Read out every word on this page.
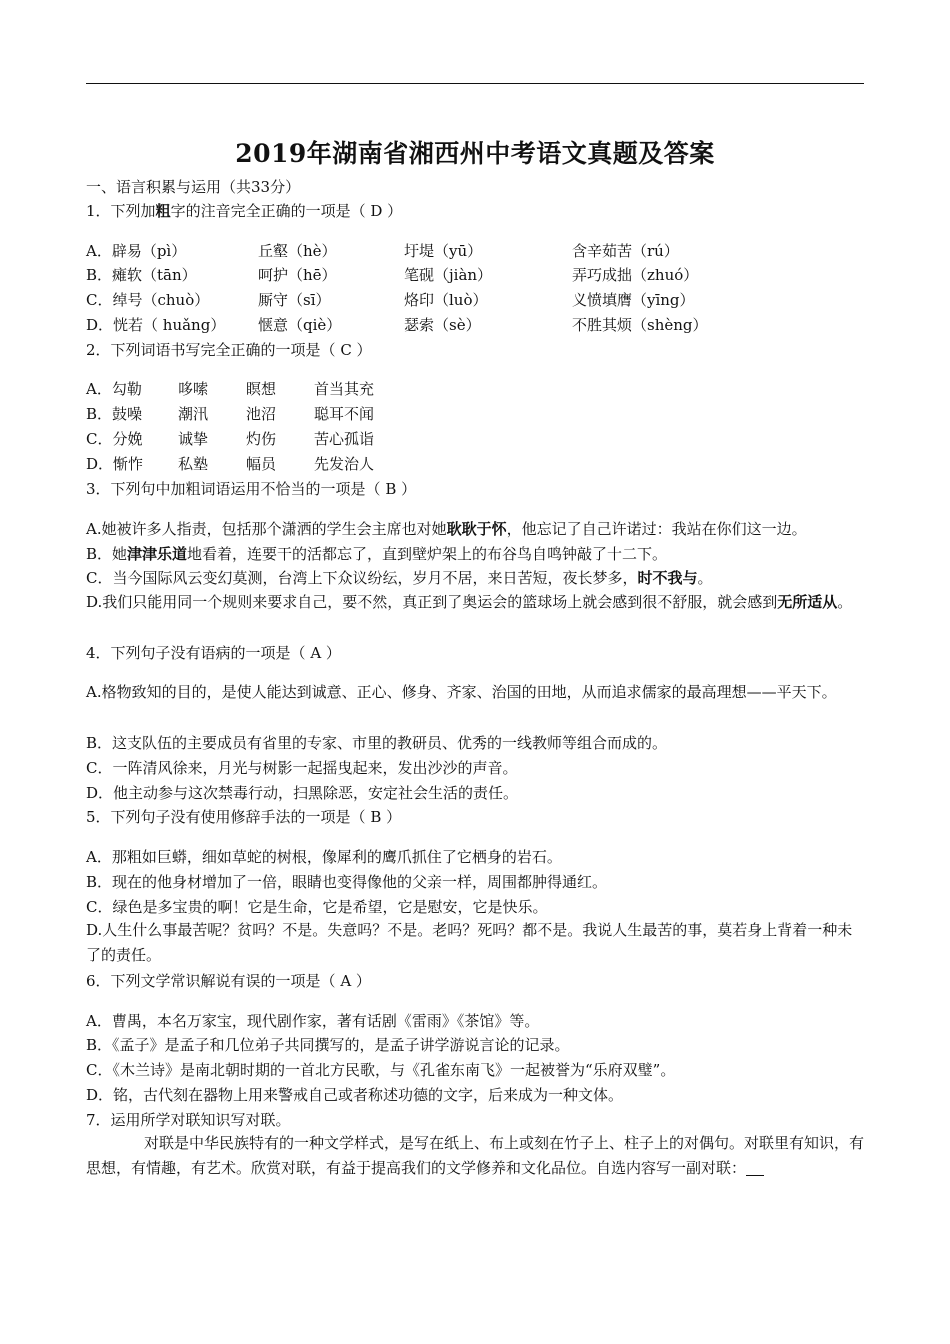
2019年湖南省湘西州中考语文真题及答案
一、语言积累与运用（共33分）
1．下列加粗字的注音完全正确的一项是（ D ）
A．辟易（pì）	丘壑（hè）	圩堤（yū）	含辛茹苦（rú）
B．瘫软（tān）	呵护（hē）	笔砚（jiàn）	弄巧成拙（zhuó）
C．绰号（chuò）	厮守（sī）	烙印（luò）	义愤填膺（yīng）
D．恍若（ huǎng） 惬意（qiè）	瑟索（sè）	不胜其烦（shèng）
2．下列词语书写完全正确的一项是（ C ）
A．勾勒 哆嗦	瞑想	首当其充
B．鼓噪 潮汛	池沼	聪耳不闻
C．分娩 诚挚	灼伤	苦心孤诣
D．惭怍 私塾	幅员	先发治人
3．下列句中加粗词语运用不恰当的一项是（ B ）
A.她被许多人指责，包括那个潇洒的学生会主席也对她耿耿于怀，他忘记了自己许诺过：我站在你们这一边。
B．她津津乐道地看着，连要干的活都忘了，直到壁炉架上的布谷鸟自鸣钟敲了十二下。
C．当今国际风云变幻莫测，台湾上下众议纷纭，岁月不居，来日苦短，夜长梦多，时不我与。
D.我们只能用同一个规则来要求自己，要不然，真正到了奥运会的篮球场上就会感到很不舒服，就会感到无所适从。
4．下列句子没有语病的一项是（ A ）
A.格物致知的目的，是使人能达到诚意、正心、修身、齐家、治国的田地，从而追求儒家的最高理想——平天下。
B．这支队伍的主要成员有省里的专家、市里的教研员、优秀的一线教师等组合而成的。
C．一阵清风徐来，月光与树影一起摇曳起来，发出沙沙的声音。
D．他主动参与这次禁毒行动，扫黑除恶，安定社会生活的责任。
5．下列句子没有使用修辞手法的一项是（ B ）
A．那粗如巨蟒，细如草蛇的树根，像犀利的鹰爪抓住了它栖身的岩石。
B．现在的他身材增加了一倍，眼睛也变得像他的父亲一样，周围都肿得通红。
C．绿色是多宝贵的啊！它是生命，它是希望，它是慰安，它是快乐。
D.人生什么事最苦呢？贫吗？不是。失意吗？不是。老吗？死吗？都不是。我说人生最苦的事，莫若身上背着一种未了的责任。
6．下列文学常识解说有误的一项是（ A ）
A．曹禺，本名万家宝，现代剧作家，著有话剧《雷雨》《茶馆》等。
B．《孟子》是孟子和几位弟子共同撰写的，是孟子讲学游说言论的记录。
C．《木兰诗》是南北朝时期的一首北方民歌，与《孔雀东南飞》一起被誉为“乐府双璧”。
D．铭，古代刻在器物上用来警戒自己或者称述功德的文字，后来成为一种文体。
7．运用所学对联知识写对联。
对联是中华民族特有的一种文学样式，是写在纸上、布上或刻在竹子上、柱子上的对偶句。对联里有知识，有思想，有情趣，有艺术。欣赏对联，有益于提高我们的文学修养和文化品位。自选内容写一副对联：
